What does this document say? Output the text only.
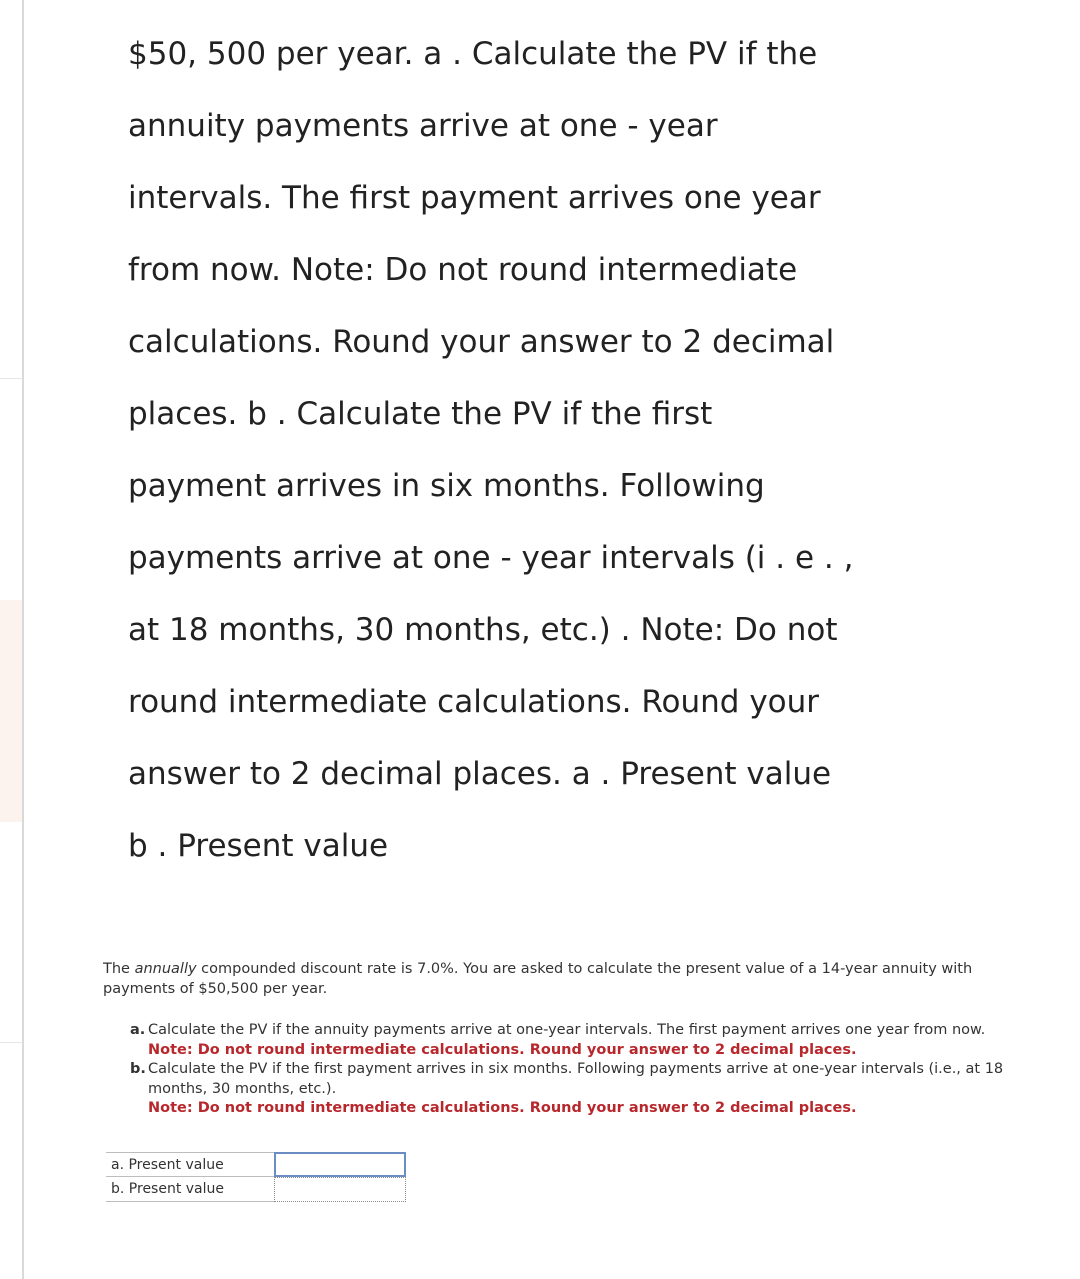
$50, 500 per year. a . Calculate the PV if the
annuity payments arrive at one - year
intervals. The first payment arrives one year
from now. Note: Do not round intermediate
calculations. Round your answer to 2 decimal
places. b . Calculate the PV if the first
payment arrives in six months. Following
payments arrive at one - year intervals (i . e . ,
at 18 months, 30 months, etc.) . Note: Do not
round intermediate calculations. Round your
answer to 2 decimal places. a . Present value
b . Present value
The annually compounded discount rate is 7.0%. You are asked to calculate the present value of a 14-year annuity with payments of $50,500 per year.
a. Calculate the PV if the annuity payments arrive at one-year intervals. The first payment arrives one year from now.
Note: Do not round intermediate calculations. Round your answer to 2 decimal places.
b. Calculate the PV if the first payment arrives in six months. Following payments arrive at one-year intervals (i.e., at 18 months, 30 months, etc.).
Note: Do not round intermediate calculations. Round your answer to 2 decimal places.
a. Present value
b. Present value
